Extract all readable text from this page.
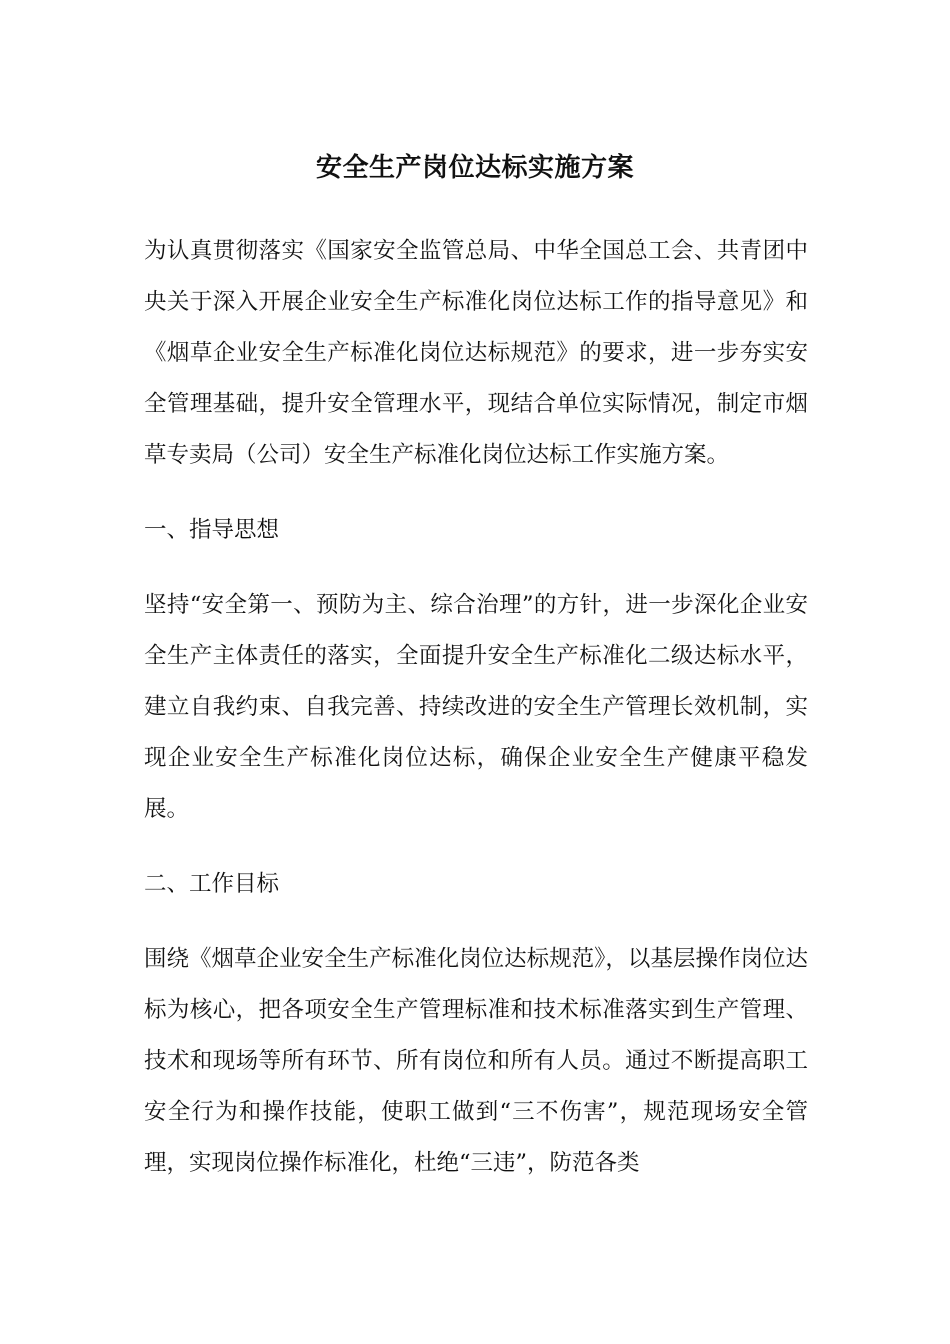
安全生产岗位达标实施方案

为认真贯彻落实《国家安全监管总局、中华全国总工会、共青团中央关于深入开展企业安全生产标准化岗位达标工作的指导意见》和《烟草企业安全生产标准化岗位达标规范》的要求，进一步夯实安全管理基础，提升安全管理水平，现结合单位实际情况，制定市烟草专卖局（公司）安全生产标准化岗位达标工作实施方案。

一、指导思想

坚持“安全第一、预防为主、综合治理”的方针，进一步深化企业安全生产主体责任的落实，全面提升安全生产标准化二级达标水平，建立自我约束、自我完善、持续改进的安全生产管理长效机制，实现企业安全生产标准化岗位达标，确保企业安全生产健康平稳发展。

二、工作目标

围绕《烟草企业安全生产标准化岗位达标规范》，以基层操作岗位达标为核心，把各项安全生产管理标准和技术标准落实到生产管理、技术和现场等所有环节、所有岗位和所有人员。通过不断提高职工安全行为和操作技能，使职工做到“三不伤害”，规范现场安全管理，实现岗位操作标准化，杜绝“三违”，防范各类
